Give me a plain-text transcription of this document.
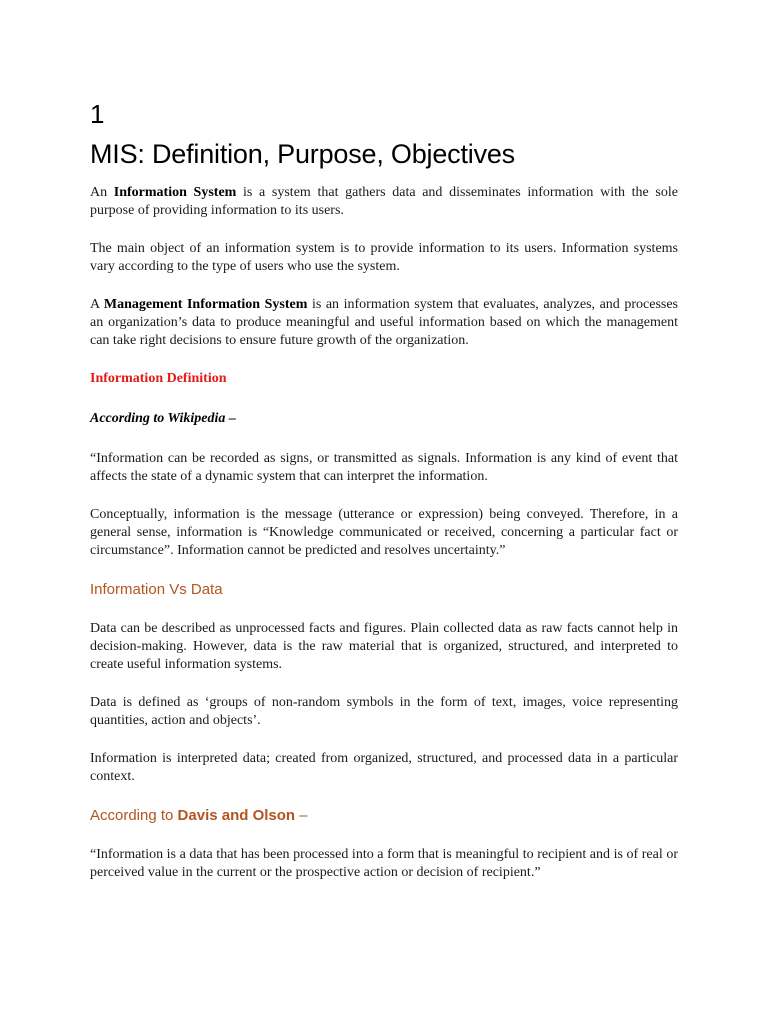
1
MIS: Definition, Purpose, Objectives

An Information System is a system that gathers data and disseminates information with the sole purpose of providing information to its users.

The main object of an information system is to provide information to its users. Information systems vary according to the type of users who use the system.

A Management Information System is an information system that evaluates, analyzes, and processes an organization’s data to produce meaningful and useful information based on which the management can take right decisions to ensure future growth of the organization.

Information Definition
According to Wikipedia –

“Information can be recorded as signs, or transmitted as signals. Information is any kind of event that affects the state of a dynamic system that can interpret the information.

Conceptually, information is the message (utterance or expression) being conveyed. Therefore, in a general sense, information is “Knowledge communicated or received, concerning a particular fact or circumstance”. Information cannot be predicted and resolves uncertainty.”

Information Vs Data

Data can be described as unprocessed facts and figures. Plain collected data as raw facts cannot help in decision-making. However, data is the raw material that is organized, structured, and interpreted to create useful information systems.

Data is defined as ‘groups of non-random symbols in the form of text, images, voice representing quantities, action and objects’.

Information is interpreted data; created from organized, structured, and processed data in a particular context.

According to Davis and Olson –

“Information is a data that has been processed into a form that is meaningful to recipient and is of real or perceived value in the current or the prospective action or decision of recipient.”
